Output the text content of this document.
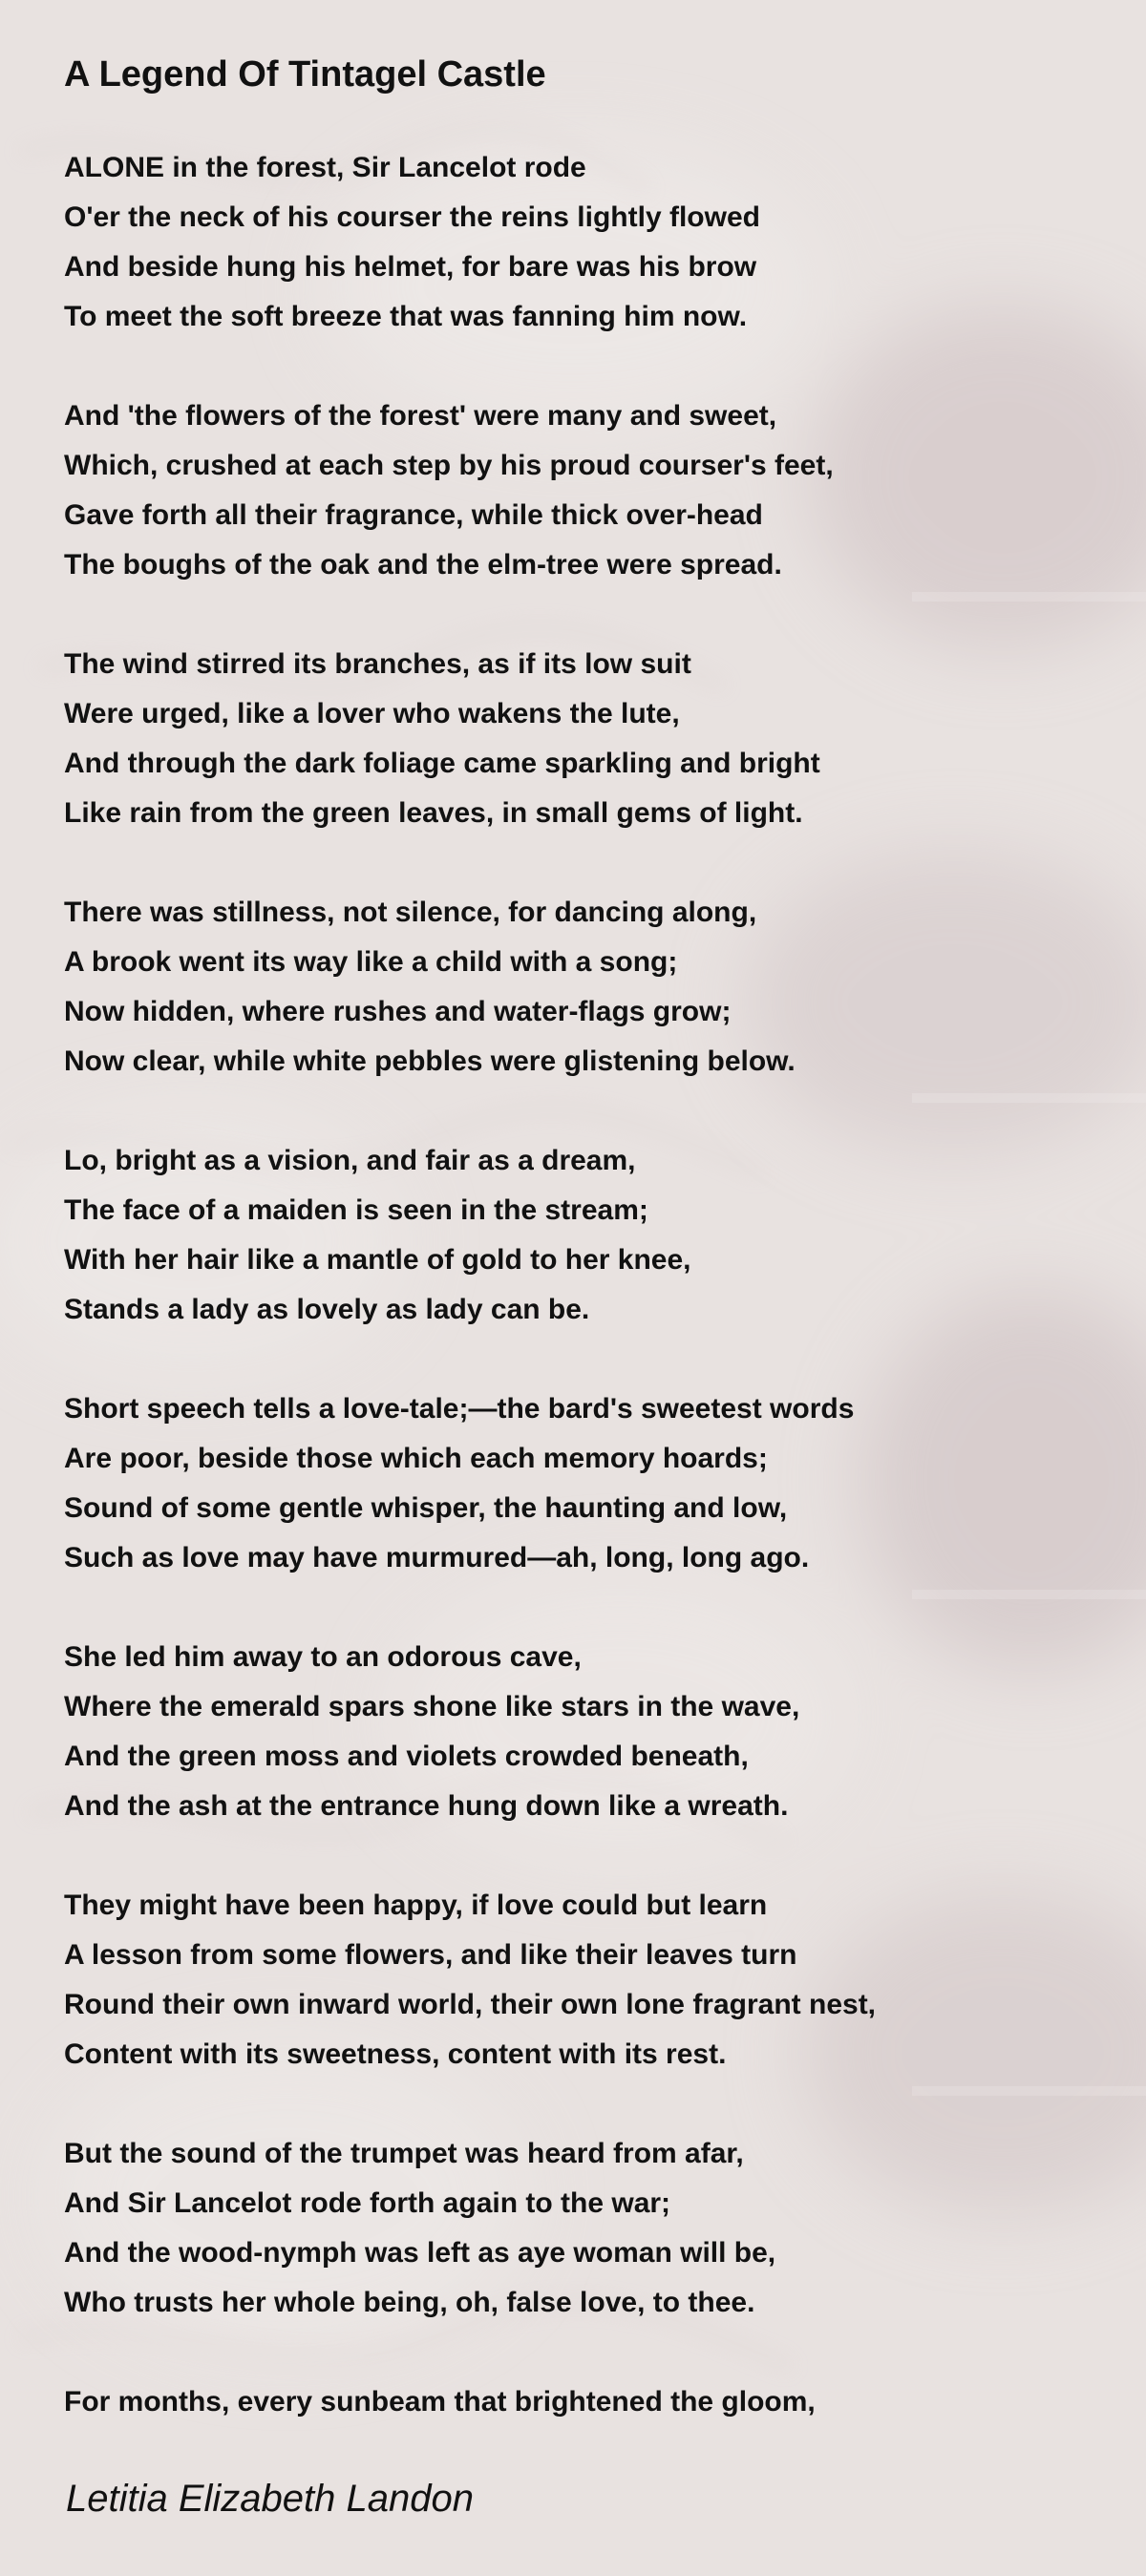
A Legend Of Tintagel Castle
ALONE in the forest, Sir Lancelot rode
O'er the neck of his courser the reins lightly flowed
And beside hung his helmet, for bare was his brow
To meet the soft breeze that was fanning him now.
And 'the flowers of the forest' were many and sweet,
Which, crushed at each step by his proud courser's feet,
Gave forth all their fragrance, while thick over-head
The boughs of the oak and the elm-tree were spread.
The wind stirred its branches, as if its low suit
Were urged, like a lover who wakens the lute,
And through the dark foliage came sparkling and bright
Like rain from the green leaves, in small gems of light.
There was stillness, not silence, for dancing along,
A brook went its way like a child with a song;
Now hidden, where rushes and water-flags grow;
Now clear, while white pebbles were glistening below.
Lo, bright as a vision, and fair as a dream,
The face of a maiden is seen in the stream;
With her hair like a mantle of gold to her knee,
Stands a lady as lovely as lady can be.
Short speech tells a love-tale;—the bard's sweetest words
Are poor, beside those which each memory hoards;
Sound of some gentle whisper, the haunting and low,
Such as love may have murmured—ah, long, long ago.
She led him away to an odorous cave,
Where the emerald spars shone like stars in the wave,
And the green moss and violets crowded beneath,
And the ash at the entrance hung down like a wreath.
They might have been happy, if love could but learn
A lesson from some flowers, and like their leaves turn
Round their own inward world, their own lone fragrant nest,
Content with its sweetness, content with its rest.
But the sound of the trumpet was heard from afar,
And Sir Lancelot rode forth again to the war;
And the wood-nymph was left as aye woman will be,
Who trusts her whole being, oh, false love, to thee.
For months, every sunbeam that brightened the gloom,
Letitia Elizabeth Landon
